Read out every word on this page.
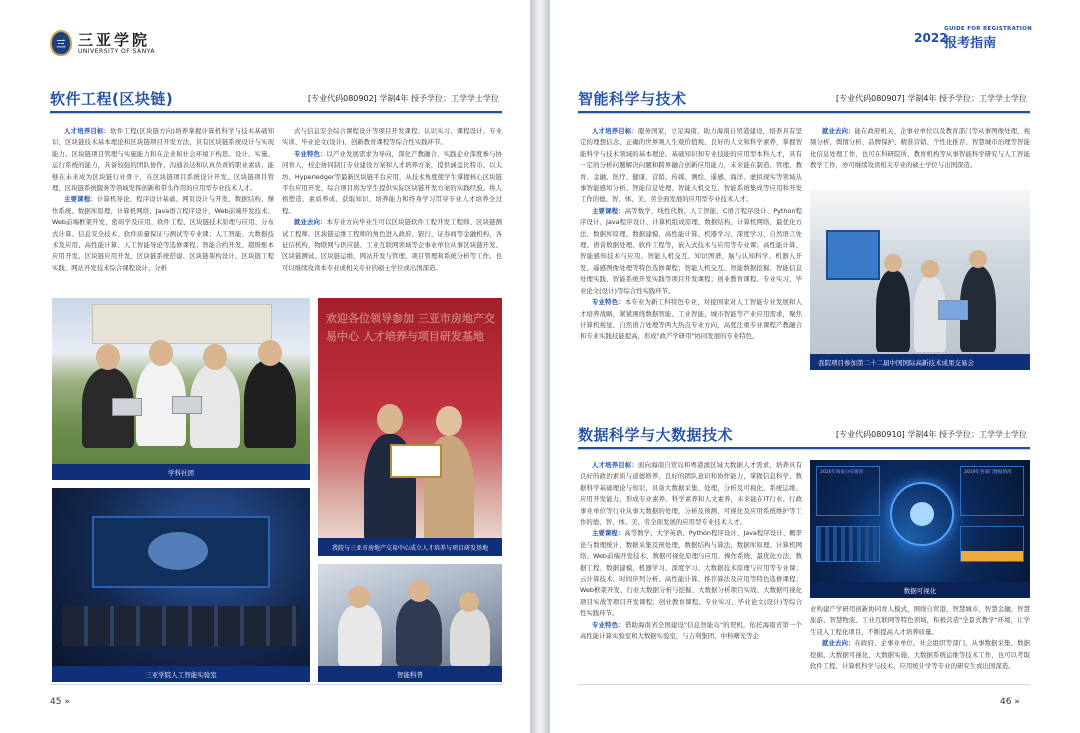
三 三亚学院
UNIVERSITY OF SANYA
软件工程(区块链)	[专业代码080902] 学制4年 授予学位：工学学士学位

人才培养目标：软件工程(区块链方向)培养掌握计算机科学与技术基础知识、区块链技术基本理论和区块链项目开发方法，具有区块链系统设计与实现能力、区块链项目管理与实施能力和在企业和社会环境下构思、设计、实施、运行系统的能力，具备较强的团队协作、沟通表达和认真负责的职业素质；能够在未来成为区块链行业骨干，在区块链项目系统设计开发、区块链项目管理、区块链系统服务等领域发挥创新和带头作用的应用型专业技术人才。

主要课程：计算机导论、程序设计基础、网页设计与开发、数据结构、操作系统、数据库原理、计算机网络、Java语言程序设计、Web前端开发技术、Web前端框架开发、密码学及应用、软件工程、区块链技术原理与应用、分布式计算、信息安全技术、软件质量保证与测试等专业课；人工智能、大数据技术及应用、高性能计算、人工智能导论等选修课程；智能合约开发、超级账本应用开发、区块链应用开发、区块链系统搭建、区块链架构设计、区块链工程实践、网站开发技术综合课程设计、分析

式与信息安全综合课程设计等项目开发课程；认识实习、课程设计、专业实训、毕业论文(设计)、创新教育课程等综合性实践环节。

专业特色：以产业发展需求为导向，深化产教融合、实践企业深度参与协同育人，校企协同制订专业建设方案和人才培养方案，提供涵盖比特币、以太坊、Hyperledger等最新区块链平台应用，从技术角度使学生掌握核心区块链平台应用开发，综合项目将为学生提供实际区块链开发方案的实践经验。将人格塑造、素质养成、获取知识、培养能力和终身学习贯穿专业人才培养全过程。

就业去向：本专业方向毕业生可以区块链软件工程开发工程师、区块链测试工程师、区块链运维工程师的角色进入政府、银行、证券商等金融机构，各征信机构，物联网与供应链、工业互联网领域等企事业单位从事区块链开发、区块链测试、区块链运维、网站开发与管理、项目管理和系统分析等工作。也可以继续攻读本专业或相关专业的硕士学位或出国深造。

学科社团
欢迎各位领导参加 三亚市房地产交易中心 人才培养与项目研发基地
我院与三亚市房地产交易中心成立人才培养与项目研发基地
三亚学院人工智能实验室	智能科普
45 »
2022
GUIDE FOR REGISTRATION
报考指南
智能科学与技术	[专业代码080907] 学制4年 授予学位：工学学士学位

人才培养目标：服务国家，立足海南，助力海南自贸港建设，培养具有坚定的理想信念、正确的世界观人生观价值观、良好的人文和科学素养，掌握智能科学与技术领域的基本理论、基础知识和专业技能的应用型本科人才，具有一定的分析问题解决问题和跨界融合创新应用能力，未来能在制造、管理、教育、金融、医疗、健康、营销、传媒、测绘、遥感、海洋、虚拟现实等领域从事智能感知分析、智能信息处理、智能人机交互、智能系统集成等应用和开发工作的德、智、体、美、劳全面发展的应用型专业技术人才。

主要课程：高等数学、线性代数、人工智能、C语言程序设计、Python程序设计、Java程序设计、计算机组成原理、数据结构、计算机网络、最优化方法、数据库原理、数据建模、高性能计算、机器学习、深度学习、自然语言处理、语音数据处理、软件工程等，嵌入式技术与应用等专业课；高性能计算、智能感知技术与应用、智能人机交互、知识图谱、脑与认知科学、机器人开发、遥感图像处理等特色选修课程；智能人机交互、智能数据挖掘、智能信息处理实践、智能系统开发实践等项目开发课程；创业教育课程、专业实习、毕业论文(设计)等综合性实践环节。

专业特色：本专业为新工科特色专业，对接国家对人工智能专业发展和人才培养战略，紧紧围绕数据智能、工业智能、城市智能等产业应用需求，聚焦计算机视觉、自然语言处理等两大热点专业方向，高度注重专业课程产教融合和专业实践技能提高，形成"政产学研用"协同发展的专业特色。

就业去向：能在政府机关、企事业单位以及教育部门等从事图像处理、视频分析、舆情分析、品牌保护、精准营销、个性化推荐、智慧城市治理等智能化信息处理工作，也可在科研院所、教育机构等从事智能科学研究与人工智能教学工作，亦可继续攻读相关专业的硕士学位与出国深造。

我院项目参加第二十二届中国国际高新技术成果交易会
数据科学与大数据技术	[专业代码080910] 学制4年 授予学位：工学学士学位

人才培养目标：面向海南自贸岛和粤港澳区域大数据人才需求，培养具有良好的政治素质与道德修养、良好的团队意识和协作能力，掌握信息科学、数据科学基础理论与知识，具备大数据采集、处理、分析及可视化、系统运维、应用开发能力，形成专业素养、科学素养和人文素养，未来能在IT行业、行政事业单位等行业从事大数据的处理、分析及预测、可视化及应用系统维护等工作的德、智、体、美、劳全面发展的应用型专业技术人才。

主要课程：高等数学、大学英语、Python程序设计、Java程序设计、概率论与数理统计、数据采集及预处理、数据结构与算法、数据库原理、计算机网络、Web前端开发技术、数据可视化原理与应用、操作系统、最优化方法、数据工程、数据建模、机器学习、深度学习、大数据技术原理与应用等专业课；云计算技术、时间序列分析、高性能计算、推荐算法及应用等特色选修课程；Web框架开发、行业大数据分析与挖掘、大数据分析项目实战、大数据可视化项目实战等项目开发课程；创业教育课程、专业实习、毕业论文(设计)等综合性实践环节。

专业特色：借助海南省全国建设"信息智能岛"的契机，依托海南省第一个高性能计算实验室和大数据实验室，与吉利集团、中科曙光等企

2020年海南分布情况	2019年各部门数据情况
数据可视化

业构建产学研用创新协同育人模式，围绕自贸港、智慧城市、智慧金融、智慧旅游、智慧物流、工业互联网等特色领域，积极营造"全景式教学"环境，让学生浸入工程化项目，不断提高人才培养质量。

就业去向：在政府、企事业单位、社会组织等部门，从事数据采集、数据挖掘、大数据可视化、大数据实施、大数据系统运维等技术工作，也可以考取软件工程、计算机科学与技术、应用统计学等专业的研究生或出国深造。

46 »
